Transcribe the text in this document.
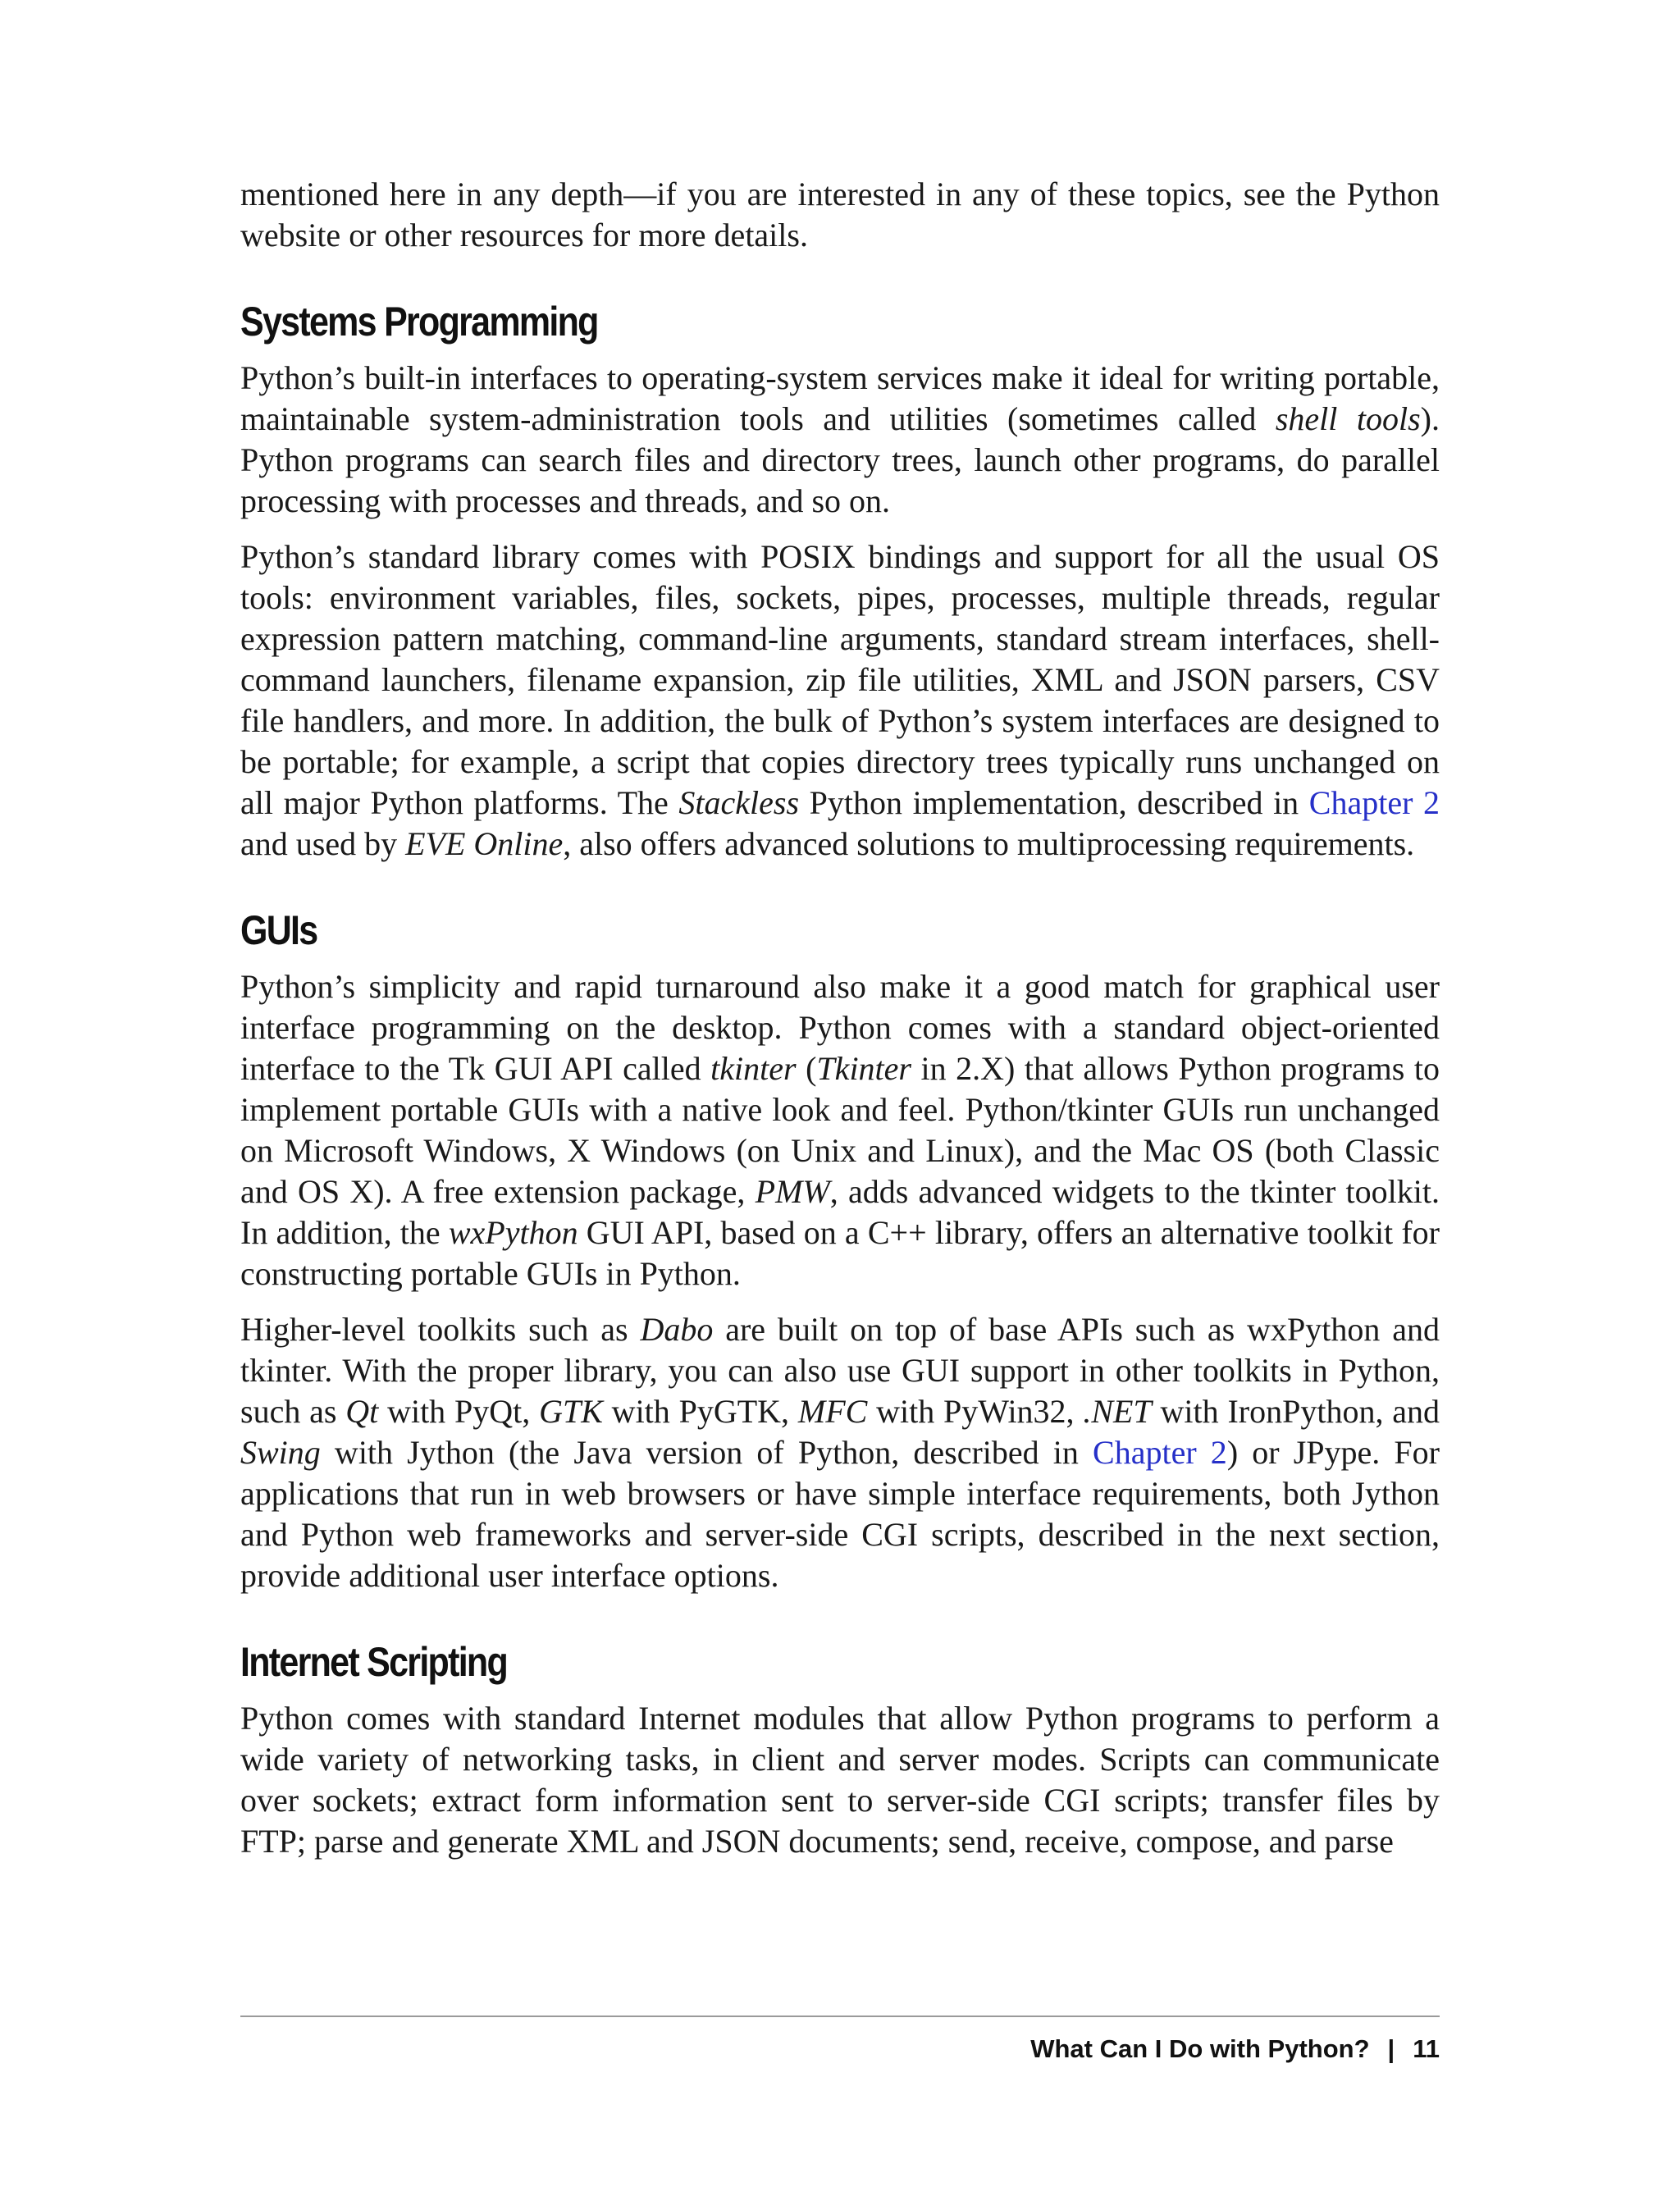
mentioned here in any depth—if you are interested in any of these topics, see the Python website or other resources for more details.

Systems Programming

Python’s built-in interfaces to operating-system services make it ideal for writing portable, maintainable system-administration tools and utilities (sometimes called shell tools). Python programs can search files and directory trees, launch other programs, do parallel processing with processes and threads, and so on.

Python’s standard library comes with POSIX bindings and support for all the usual OS tools: environment variables, files, sockets, pipes, processes, multiple threads, regular expression pattern matching, command-line arguments, standard stream interfaces, shell-command launchers, filename expansion, zip file utilities, XML and JSON parsers, CSV file handlers, and more. In addition, the bulk of Python’s system interfaces are designed to be portable; for example, a script that copies directory trees typically runs unchanged on all major Python platforms. The Stackless Python implementation, described in Chapter 2 and used by EVE Online, also offers advanced solutions to multiprocessing requirements.

GUIs

Python’s simplicity and rapid turnaround also make it a good match for graphical user interface programming on the desktop. Python comes with a standard object-oriented interface to the Tk GUI API called tkinter (Tkinter in 2.X) that allows Python programs to implement portable GUIs with a native look and feel. Python/tkinter GUIs run unchanged on Microsoft Windows, X Windows (on Unix and Linux), and the Mac OS (both Classic and OS X). A free extension package, PMW, adds advanced widgets to the tkinter toolkit. In addition, the wxPython GUI API, based on a C++ library, offers an alternative toolkit for constructing portable GUIs in Python.

Higher-level toolkits such as Dabo are built on top of base APIs such as wxPython and tkinter. With the proper library, you can also use GUI support in other toolkits in Python, such as Qt with PyQt, GTK with PyGTK, MFC with PyWin32, .NET with IronPython, and Swing with Jython (the Java version of Python, described in Chapter 2) or JPype. For applications that run in web browsers or have simple interface requirements, both Jython and Python web frameworks and server-side CGI scripts, described in the next section, provide additional user interface options.

Internet Scripting

Python comes with standard Internet modules that allow Python programs to perform a wide variety of networking tasks, in client and server modes. Scripts can communicate over sockets; extract form information sent to server-side CGI scripts; transfer files by FTP; parse and generate XML and JSON documents; send, receive, compose, and parse

What Can I Do with Python? | 11
